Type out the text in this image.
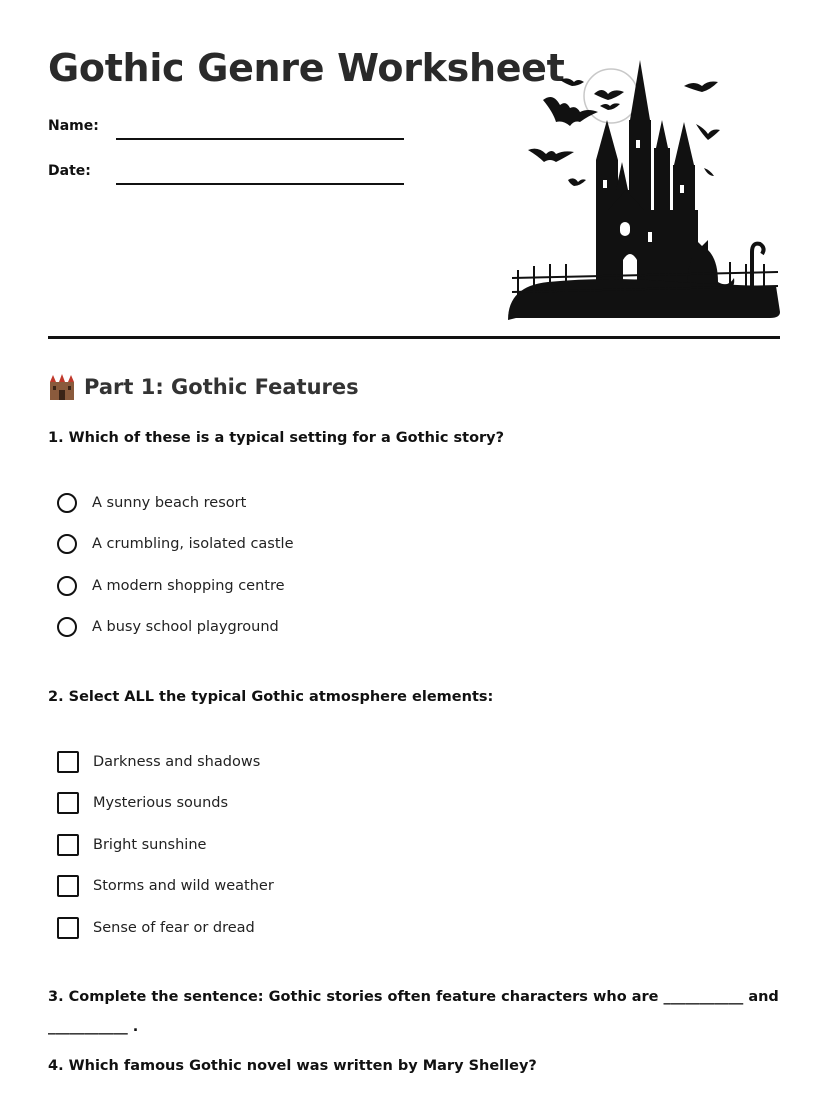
Gothic Genre Worksheet
Name:
Date:
Part 1: Gothic Features
1. Which of these is a typical setting for a Gothic story?
A sunny beach resort
A crumbling, isolated castle
A modern shopping centre
A busy school playground
2. Select ALL the typical Gothic atmosphere elements:
Darkness and shadows
Mysterious sounds
Bright sunshine
Storms and wild weather
Sense of fear or dread
3. Complete the sentence: Gothic stories often feature characters who are ___________ and ___________ .
4. Which famous Gothic novel was written by Mary Shelley?
